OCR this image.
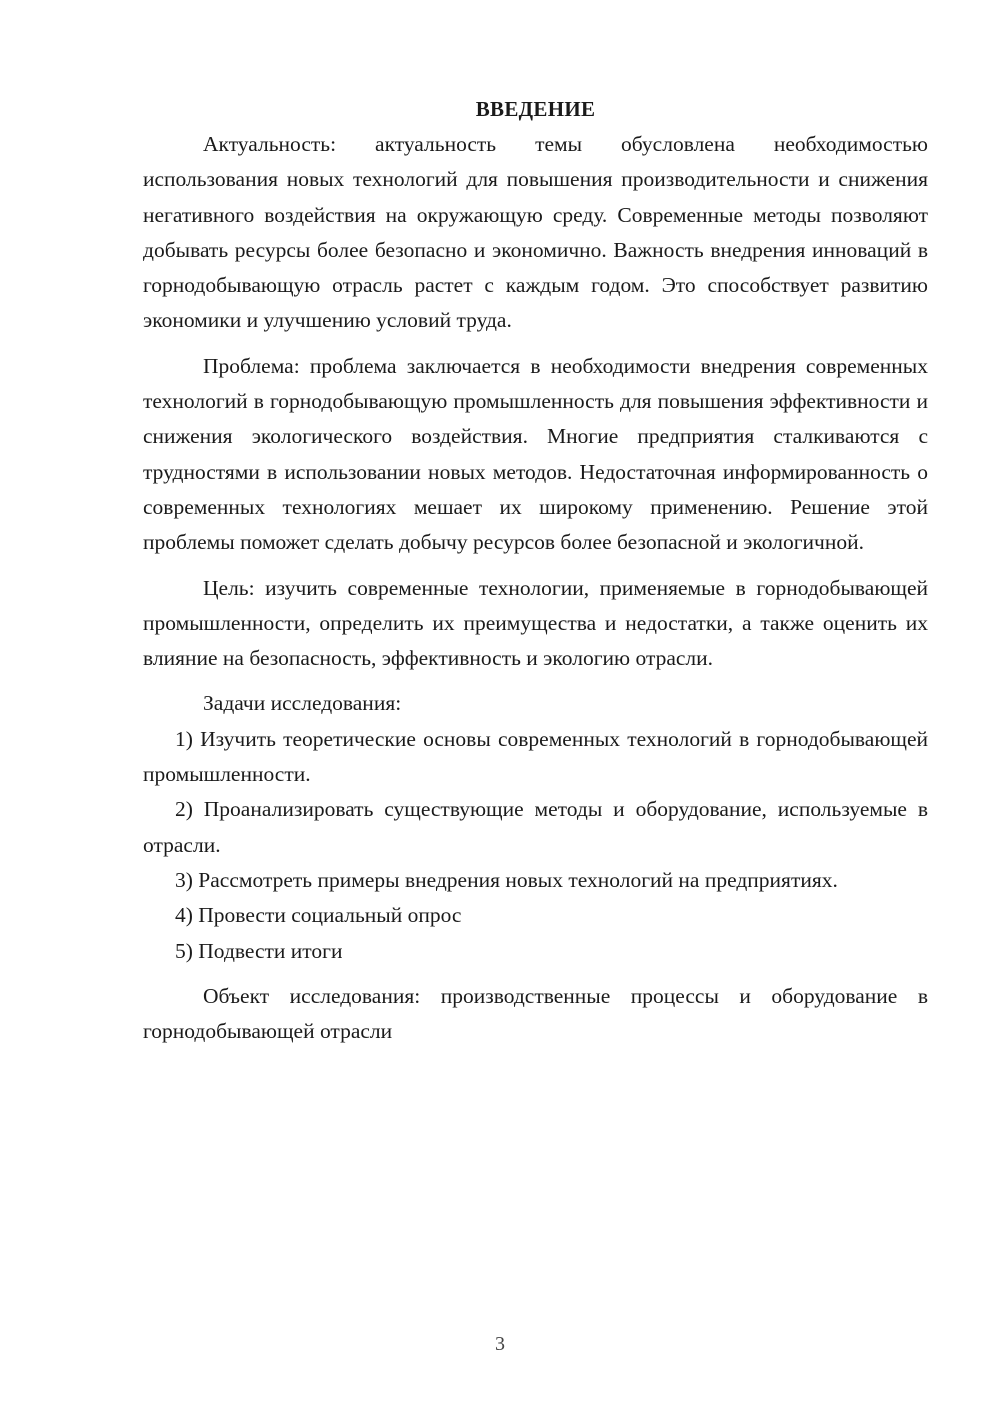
ВВЕДЕНИЕ

Актуальность: актуальность темы обусловлена необходимостью использования новых технологий для повышения производительности и снижения негативного воздействия на окружающую среду. Современные методы позволяют добывать ресурсы более безопасно и экономично. Важность внедрения инноваций в горнодобывающую отрасль растет с каждым годом. Это способствует развитию экономики и улучшению условий труда.

Проблема: проблема заключается в необходимости внедрения современных технологий в горнодобывающую промышленность для повышения эффективности и снижения экологического воздействия. Многие предприятия сталкиваются с трудностями в использовании новых методов. Недостаточная информированность о современных технологиях мешает их широкому применению. Решение этой проблемы поможет сделать добычу ресурсов более безопасной и экологичной.

Цель: изучить современные технологии, применяемые в горнодобывающей промышленности, определить их преимущества и недостатки, а также оценить их влияние на безопасность, эффективность и экологию отрасли.

Задачи исследования:

1) Изучить теоретические основы современных технологий в горнодобывающей промышленности.

2) Проанализировать существующие методы и оборудование, используемые в отрасли.

3) Рассмотреть примеры внедрения новых технологий на предприятиях.

4) Провести социальный опрос

5) Подвести итоги

Объект исследования: производственные процессы и оборудование в горнодобывающей отрасли

3
